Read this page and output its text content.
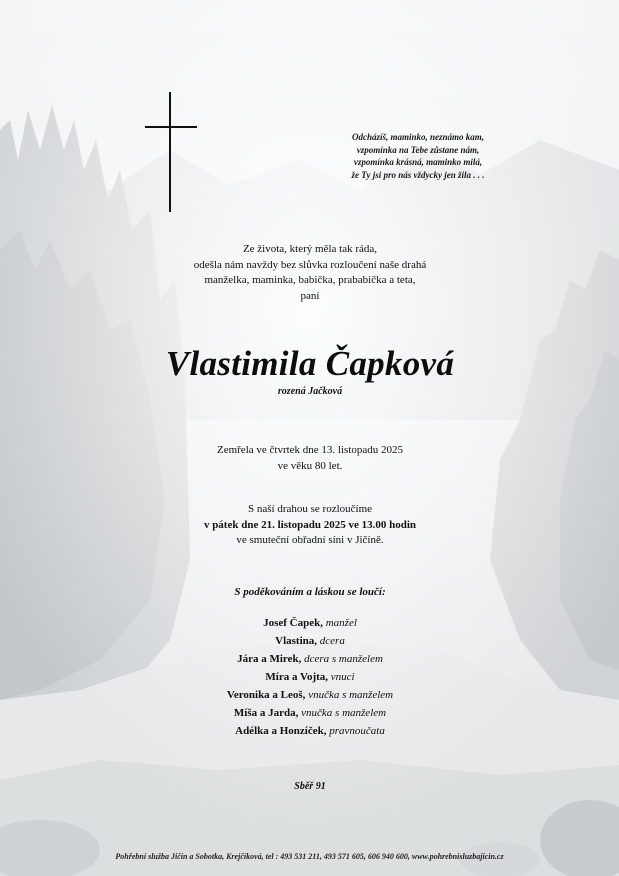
Odcházíš, maminko, neznámo kam,
vzpomínka na Tebe zůstane nám,
vzpomínka krásná, maminko milá,
že Ty jsi pro nás vždycky jen žila . . .
Ze života, který měla tak ráda,
odešla nám navždy bez slůvka rozloučení naše drahá
manželka, maminka, babička, prababička a teta,
paní
Vlastimila Čapková
rozená Jačková
Zemřela ve čtvrtek dne 13. listopadu 2025
ve věku 80 let.
S naší drahou se rozloučíme
v pátek dne 21. listopadu 2025 ve 13.00 hodin
ve smuteční obřadní síni v Jičíně.
S poděkováním a láskou se loučí:
Josef Čapek, manžel
Vlastina, dcera
Jára a Mirek, dcera s manželem
Míra a Vojta, vnuci
Veronika a Leoš, vnučka s manželem
Míša a Jarda, vnučka s manželem
Adélka a Honzíček, pravnoučata
Sběř 91
Pohřební služba Jičín a Sobotka, Krejčíková, tel : 493 531 211, 493 571 605, 606 940 600, www.pohrebnisluzbajicin.cz
